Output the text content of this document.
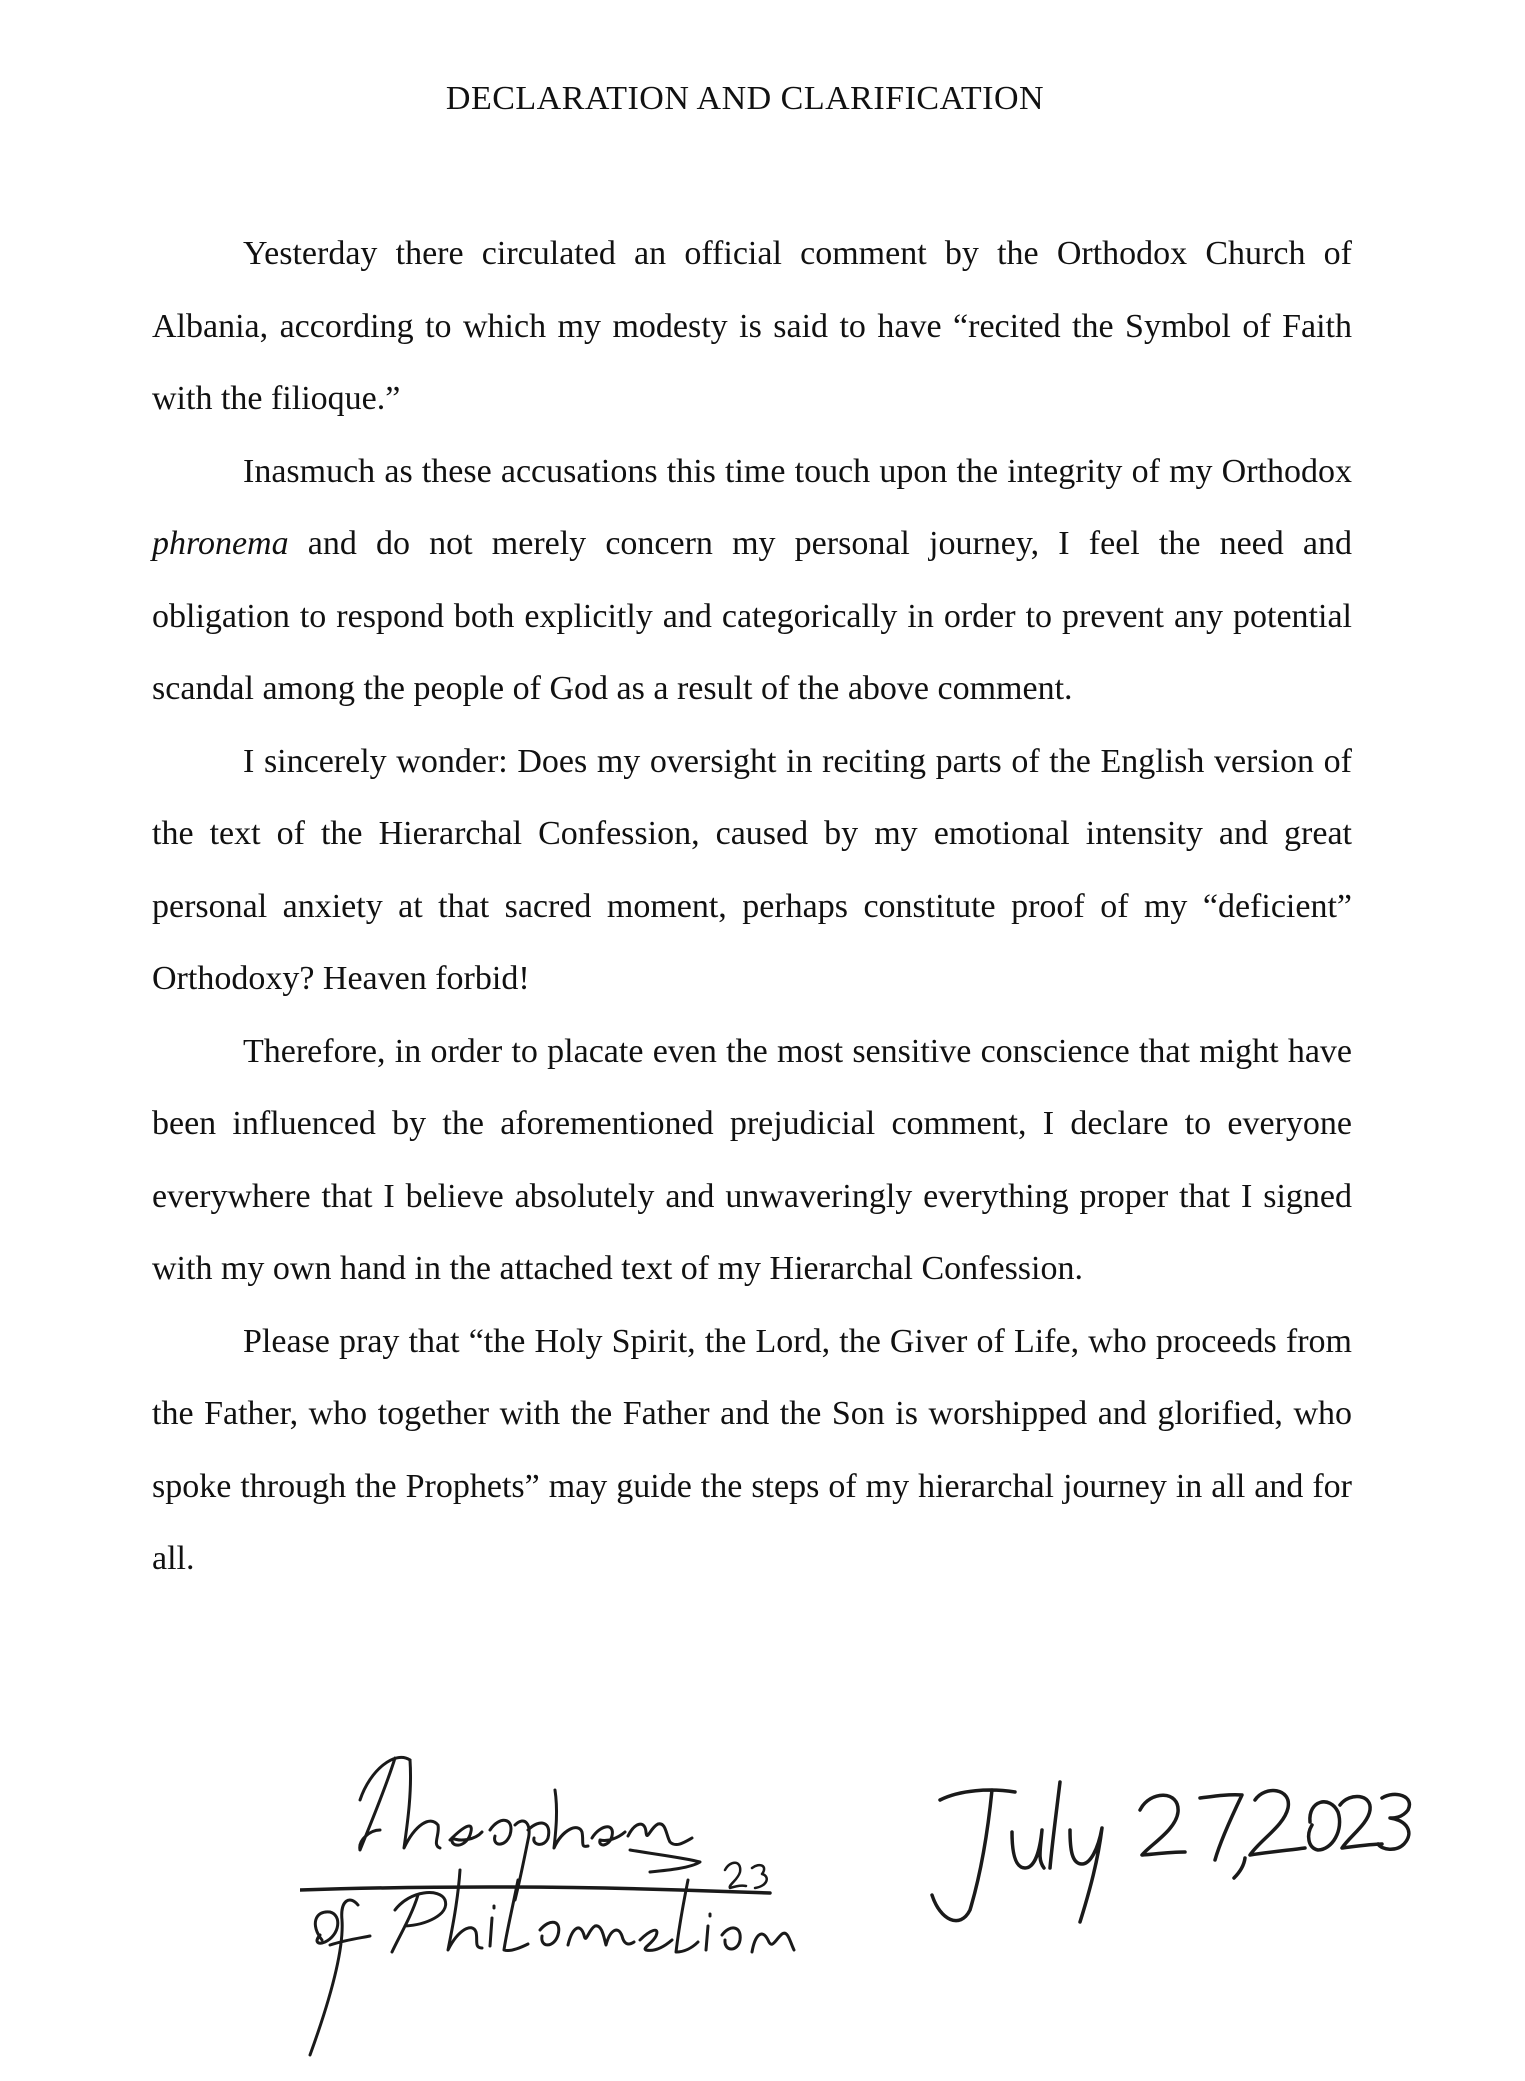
DECLARATION AND CLARIFICATION

Yesterday there circulated an official comment by the Orthodox Church of Albania, according to which my modesty is said to have “recited the Symbol of Faith with the filioque.”

Inasmuch as these accusations this time touch upon the integrity of my Orthodox phronema and do not merely concern my personal journey, I feel the need and obligation to respond both explicitly and categorically in order to prevent any potential scandal among the people of God as a result of the above comment.

I sincerely wonder: Does my oversight in reciting parts of the English version of the text of the Hierarchal Confession, caused by my emotional intensity and great personal anxiety at that sacred moment, perhaps constitute proof of my “deficient” Orthodoxy? Heaven forbid!

Therefore, in order to placate even the most sensitive conscience that might have been influenced by the aforementioned prejudicial comment, I declare to everyone everywhere that I believe absolutely and unwaveringly everything proper that I signed with my own hand in the attached text of my Hierarchal Confession.

Please pray that “the Holy Spirit, the Lord, the Giver of Life, who proceeds from the Father, who together with the Father and the Son is worshipped and glorified, who spoke through the Prophets” may guide the steps of my hierarchal journey in all and for all.
